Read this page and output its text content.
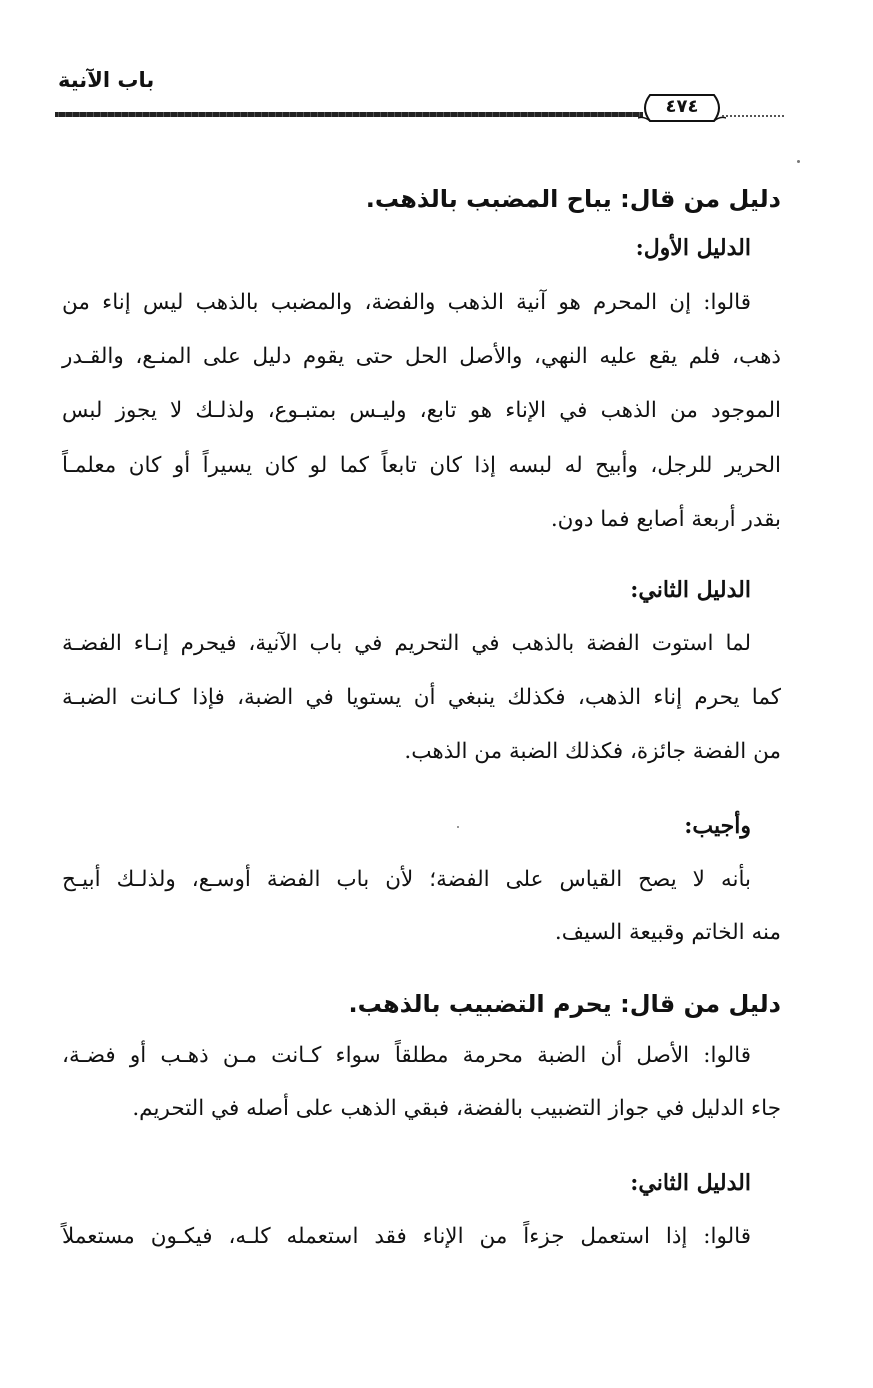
باب الآنية
٤٧٤
دليل من قال: يباح المضبب بالذهب.
الدليل الأول:
قالوا: إن المحرم هو آنية الذهب والفضة، والمضبب بالذهب ليس إناء من
ذهب، فلم يقع عليه النهي، والأصل الحل حتى يقوم دليل على المنـع، والقـدر
الموجود من الذهب في الإناء هو تابع، وليـس بمتبـوع، ولذلـك لا يجوز لبس
الحرير للرجل، وأبيح له لبسه إذا كان تابعاً كما لو كان يسيراً أو كان معلمـاً
بقدر أربعة أصابع فما دون.
الدليل الثاني:
لما استوت الفضة بالذهب في التحريم في باب الآنية، فيحرم إنـاء الفضـة
كما يحرم إناء الذهب، فكذلك ينبغي أن يستويا في الضبة، فإذا كـانت الضبـة
من الفضة جائزة، فكذلك الضبة من الذهب.
وأجيب:
بأنه لا يصح القياس على الفضة؛ لأن باب الفضة أوسـع، ولذلـك أبيـح
منه الخاتم وقبيعة السيف.
دليل من قال: يحرم التضبيب بالذهب.
قالوا: الأصل أن الضبة محرمة مطلقاً سواء كـانت مـن ذهـب أو فضـة،
جاء الدليل في جواز التضبيب بالفضة، فبقي الذهب على أصله في التحريم.
الدليل الثاني:
قالوا: إذا استعمل جزءاً من الإناء فقد استعمله كلـه، فيكـون مستعملاً
